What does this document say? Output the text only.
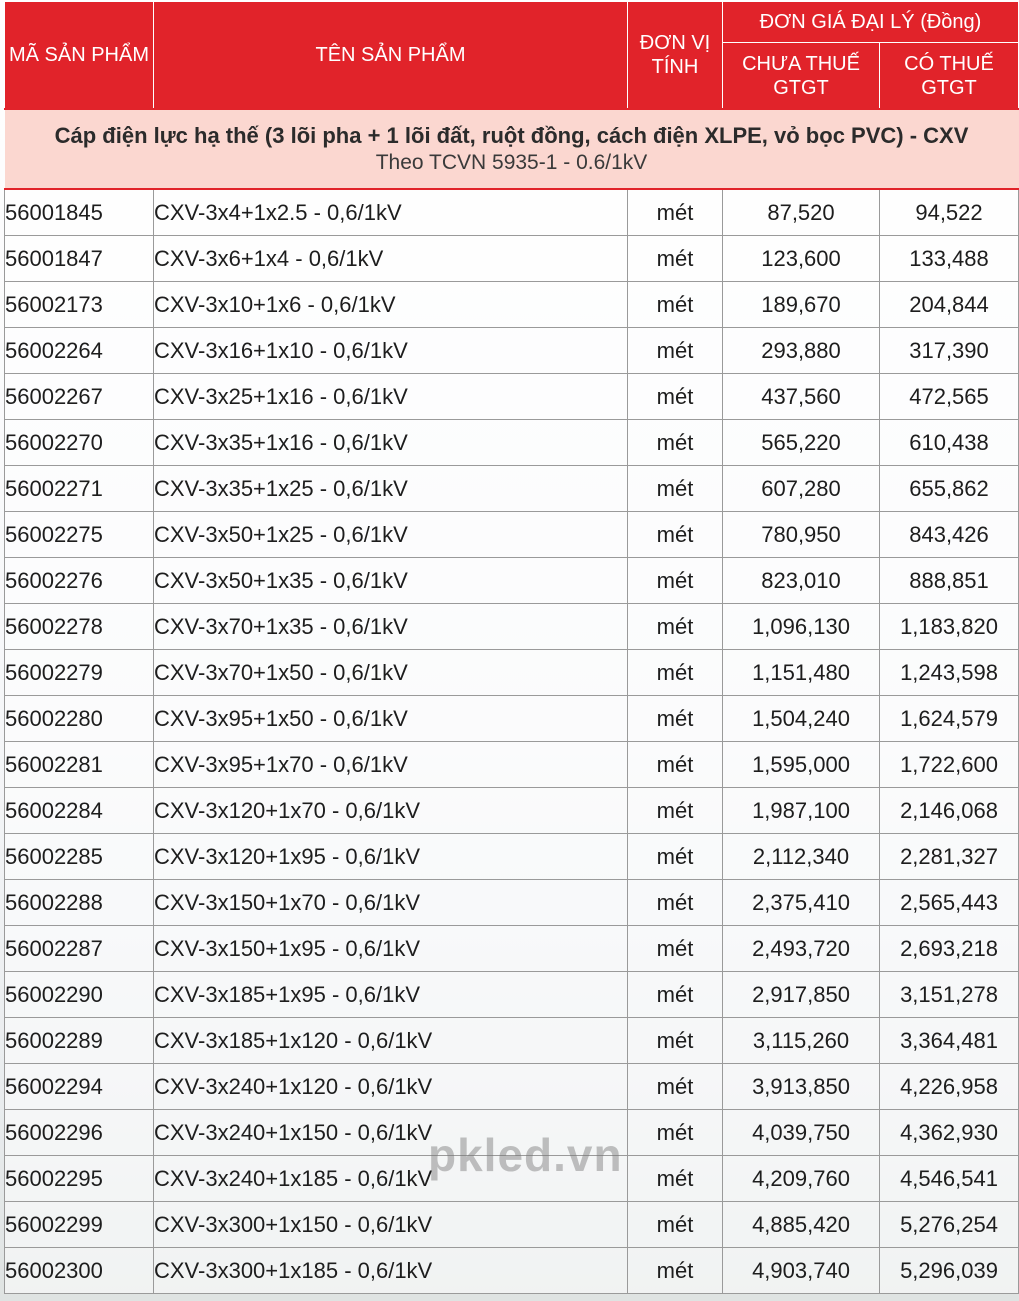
MÃ SẢN PHẨM	TÊN SẢN PHẨM	ĐƠN VỊ TÍNH	ĐƠN GIÁ ĐẠI LÝ (Đồng)	
			CHƯA THUẾ GTGT	CÓ THUẾ GTGT

Cáp điện lực hạ thế (3 lõi pha + 1 lõi đất, ruột đồng, cách điện XLPE, vỏ bọc PVC) - CXV
Theo TCVN 5935-1 - 0.6/1kV				

56001845	CXV-3x4+1x2.5 - 0,6/1kV	mét	87,520	94,522
56001847	CXV-3x6+1x4 - 0,6/1kV	mét	123,600	133,488
56002173	CXV-3x10+1x6 - 0,6/1kV	mét	189,670	204,844
56002264	CXV-3x16+1x10 - 0,6/1kV	mét	293,880	317,390
56002267	CXV-3x25+1x16 - 0,6/1kV	mét	437,560	472,565
56002270	CXV-3x35+1x16 - 0,6/1kV	mét	565,220	610,438
56002271	CXV-3x35+1x25 - 0,6/1kV	mét	607,280	655,862
56002275	CXV-3x50+1x25 - 0,6/1kV	mét	780,950	843,426
56002276	CXV-3x50+1x35 - 0,6/1kV	mét	823,010	888,851
56002278	CXV-3x70+1x35 - 0,6/1kV	mét	1,096,130	1,183,820
56002279	CXV-3x70+1x50 - 0,6/1kV	mét	1,151,480	1,243,598
56002280	CXV-3x95+1x50 - 0,6/1kV	mét	1,504,240	1,624,579
56002281	CXV-3x95+1x70 - 0,6/1kV	mét	1,595,000	1,722,600
56002284	CXV-3x120+1x70 - 0,6/1kV	mét	1,987,100	2,146,068
56002285	CXV-3x120+1x95 - 0,6/1kV	mét	2,112,340	2,281,327
56002288	CXV-3x150+1x70 - 0,6/1kV	mét	2,375,410	2,565,443
56002287	CXV-3x150+1x95 - 0,6/1kV	mét	2,493,720	2,693,218
56002290	CXV-3x185+1x95 - 0,6/1kV	mét	2,917,850	3,151,278
56002289	CXV-3x185+1x120 - 0,6/1kV	mét	3,115,260	3,364,481
56002294	CXV-3x240+1x120 - 0,6/1kV	mét	3,913,850	4,226,958
56002296	CXV-3x240+1x150 - 0,6/1kV	mét	4,039,750	4,362,930
56002295	CXV-3x240+1x185 - 0,6/1kV	mét	4,209,760	4,546,541
56002299	CXV-3x300+1x150 - 0,6/1kV	mét	4,885,420	5,276,254
56002300	CXV-3x300+1x185 - 0,6/1kV	mét	4,903,740	5,296,039
pkled.vn
